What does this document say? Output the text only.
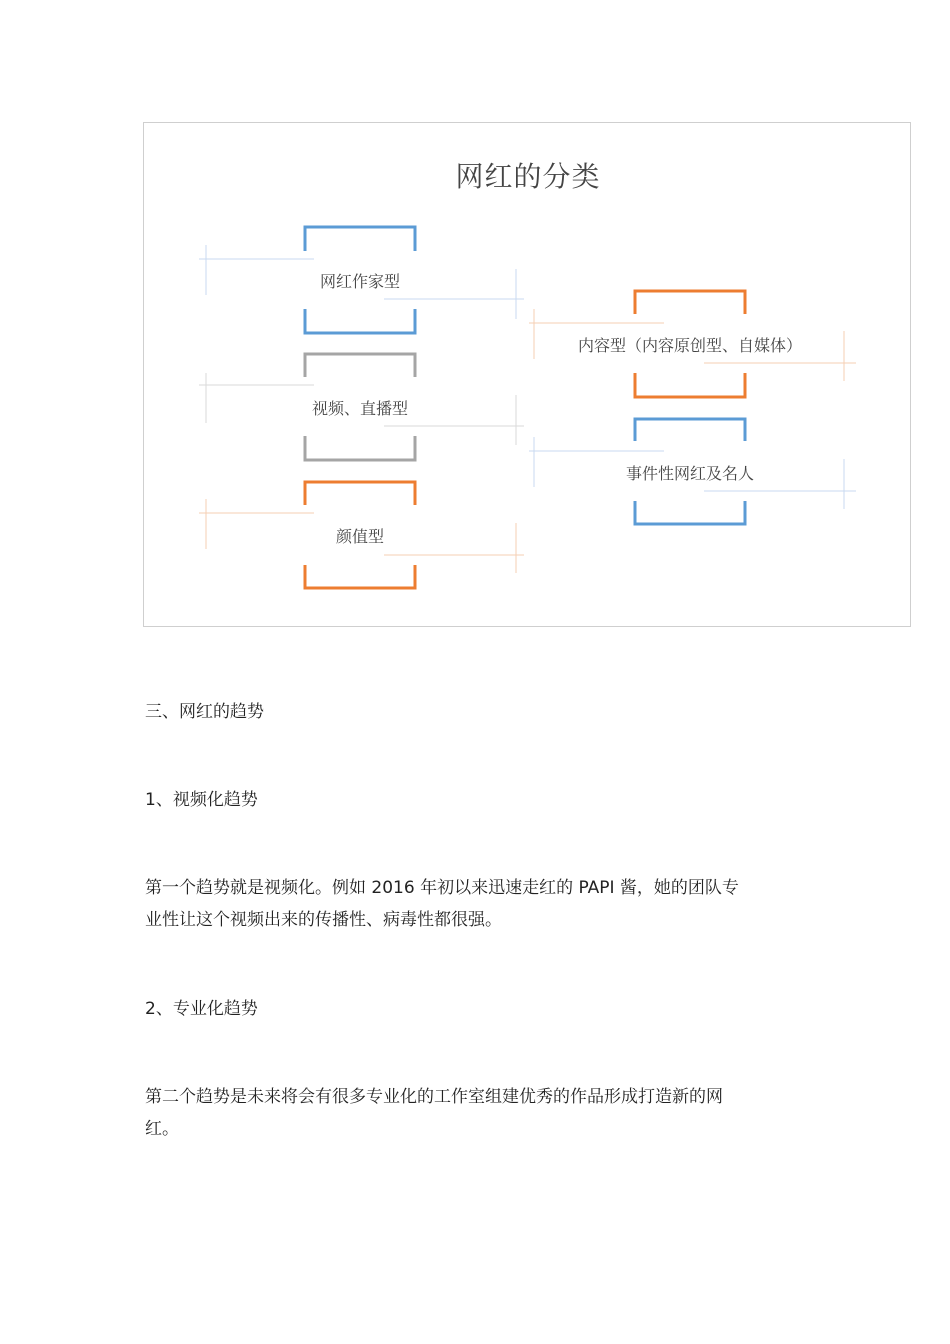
网红的分类
网红作家型
视频、直播型
颜值型
内容型（内容原创型、自媒体）
事件性网红及名人
三、网红的趋势
1、视频化趋势
第一个趋势就是视频化。例如 2016 年初以来迅速走红的 PAPI 酱，她的团队专
业性让这个视频出来的传播性、病毒性都很强。
2、专业化趋势
第二个趋势是未来将会有很多专业化的工作室组建优秀的作品形成打造新的网
红。
